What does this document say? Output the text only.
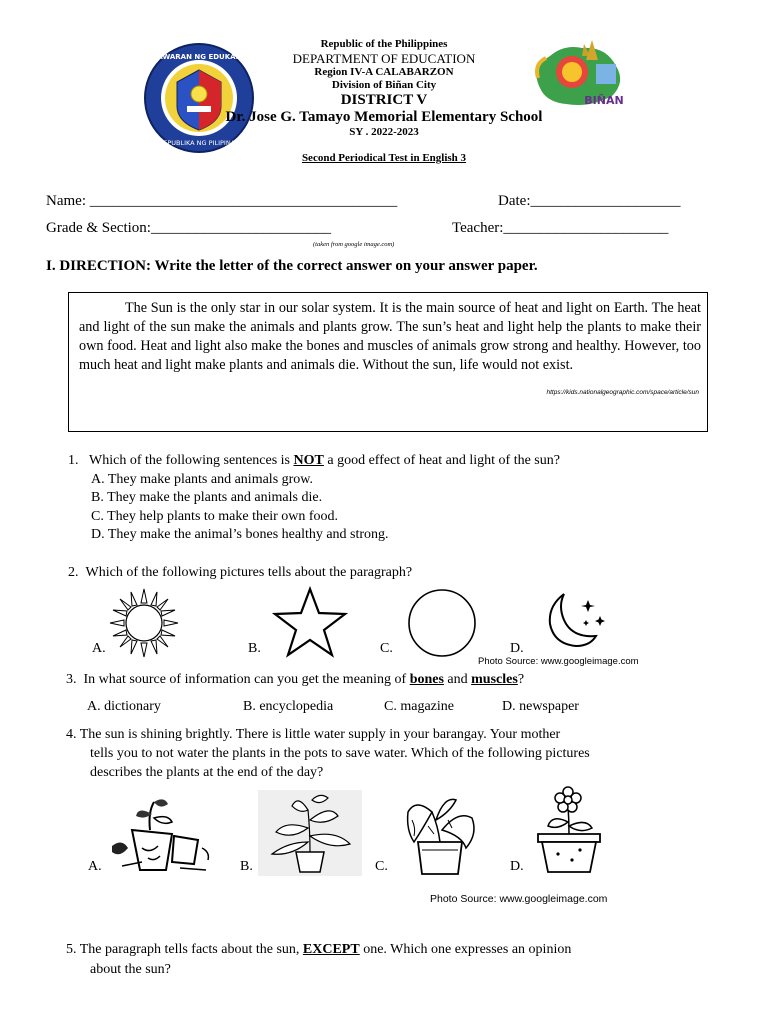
KAGAWARAN NG EDUKASYON
REPUBLIKA NG PILIPINAS
BIÑAN
Republic of the Philippines
DEPARTMENT OF EDUCATION
Region IV-A CALABARZON
Division of Biñan City
DISTRICT V
Dr. Jose G. Tamayo Memorial Elementary School
SY . 2022-2023
Second Periodical Test in English 3
Name: _________________________________________	Date:____________________
Grade & Section:________________________	Teacher:______________________
(taken from google image.com)
I. DIRECTION: Write the letter of the correct answer on your answer paper.
The Sun is the only star in our solar system. It is the main source of heat and light on Earth. The heat and light of the sun make the animals and plants grow. The sun’s heat and light help the plants to make their own food. Heat and light also make the bones and muscles of animals grow strong and healthy. However, too much heat and light make plants and animals die. Without the sun, life would not exist.
https://kids.nationalgeographic.com/space/article/sun
1. Which of the following sentences is NOT a good effect of heat and light of the sun?
A. They make plants and animals grow.
B. They make the plants and animals die.
C. They help plants to make their own food.
D. They make the animal’s bones healthy and strong.
2. Which of the following pictures tells about the paragraph?
A.	B.	C.	D.
Photo Source: www.googleimage.com
3. In what source of information can you get the meaning of bones and muscles?
A. dictionary	B. encyclopedia	C. magazine	D. newspaper
4. The sun is shining brightly. There is little water supply in your barangay. Your mother
tells you to not water the plants in the pots to save water. Which of the following pictures
describes the plants at the end of the day?
A.	B.	C.	D.
Photo Source: www.googleimage.com
5. The paragraph tells facts about the sun, EXCEPT one. Which one expresses an opinion
about the sun?
